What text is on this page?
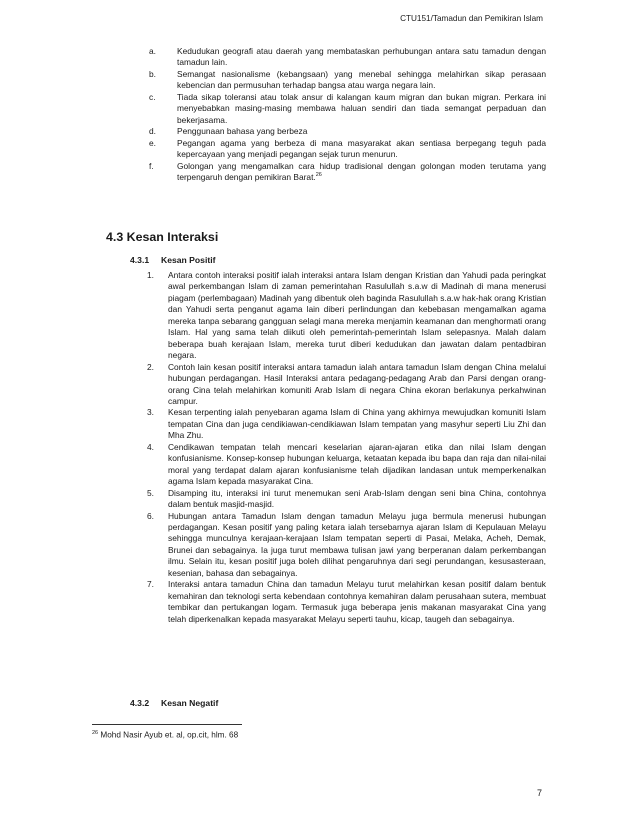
CTU151/Tamadun dan Pemikiran Islam
a.	Kedudukan geografi atau daerah yang membataskan perhubungan antara satu tamadun dengan tamadun lain.
b.	Semangat nasionalisme (kebangsaan) yang menebal sehingga melahirkan sikap perasaan kebencian dan permusuhan terhadap bangsa atau warga negara lain.
c.	Tiada sikap toleransi atau tolak ansur di kalangan kaum migran dan bukan migran. Perkara ini menyebabkan masing-masing membawa haluan sendiri dan tiada semangat perpaduan dan bekerjasama.
d.	Penggunaan bahasa yang berbeza
e.	Pegangan agama yang berbeza di mana masyarakat akan sentiasa berpegang teguh pada kepercayaan yang menjadi pegangan sejak turun menurun.
f.	Golongan yang mengamalkan cara hidup tradisional dengan golongan moden terutama yang terpengaruh dengan pemikiran Barat.$^{26}$
4.3 Kesan Interaksi
4.3.1 Kesan Positif
1. Antara contoh interaksi positif ialah interaksi antara Islam dengan Kristian dan Yahudi pada peringkat awal perkembangan Islam di zaman pemerintahan Rasulullah s.a.w di Madinah di mana menerusi piagam (perlembagaan) Madinah yang dibentuk oleh baginda Rasulullah s.a.w hak-hak orang Kristian dan Yahudi serta penganut agama lain diberi perlindungan dan kebebasan mengamalkan agama mereka tanpa sebarang gangguan selagi mana mereka menjamin keamanan dan menghormati orang Islam. Hal yang sama telah diikuti oleh pemerintah-pemerintah Islam selepasnya. Malah dalam beberapa buah kerajaan Islam, mereka turut diberi kedudukan dan jawatan dalam pentadbiran negara.
2. Contoh lain kesan positif interaksi antara tamadun ialah antara tamadun Islam dengan China melalui hubungan perdagangan. Hasil Interaksi antara pedagang-pedagang Arab dan Parsi dengan orang-orang Cina telah melahirkan komuniti Arab Islam di negara China ekoran berlakunya perkahwinan campur.
3. Kesan terpenting ialah penyebaran agama Islam di China yang akhirnya mewujudkan komuniti Islam tempatan Cina dan juga cendikiawan-cendikiawan Islam tempatan yang masyhur seperti Liu Zhi dan Mha Zhu.
4. Cendikawan tempatan telah mencari keselarian ajaran-ajaran etika dan nilai Islam dengan konfusianisme. Konsep-konsep hubungan keluarga, ketaatan kepada ibu bapa dan raja dan nilai-nilai moral yang terdapat dalam ajaran konfusianisme telah dijadikan landasan untuk memperkenalkan agama Islam kepada masyarakat Cina.
5. Disamping itu, interaksi ini turut menemukan seni Arab-Islam dengan seni bina China, contohnya dalam bentuk masjid-masjid.
6. Hubungan antara Tamadun Islam dengan tamadun Melayu juga bermula menerusi hubungan perdagangan. Kesan positif yang paling ketara ialah tersebarnya ajaran Islam di Kepulauan Melayu sehingga munculnya kerajaan-kerajaan Islam tempatan seperti di Pasai, Melaka, Acheh, Demak, Brunei dan sebagainya. Ia juga turut membawa tulisan jawi yang berperanan dalam perkembangan ilmu. Selain itu, kesan positif juga boleh dilihat pengaruhnya dari segi perundangan, kesusasteraan, kesenian, bahasa dan sebagainya.
7. Interaksi antara tamadun China dan tamadun Melayu turut melahirkan kesan positif dalam bentuk kemahiran dan teknologi serta kebendaan contohnya kemahiran dalam perusahaan sutera, membuat tembikar dan pertukangan logam. Termasuk juga beberapa jenis makanan masyarakat Cina yang telah diperkenalkan kepada masyarakat Melayu seperti tauhu, kicap, taugeh dan sebagainya.
4.3.2 Kesan Negatif
$^{26}$ Mohd Nasir Ayub et. al, op.cit, hlm. 68
7
